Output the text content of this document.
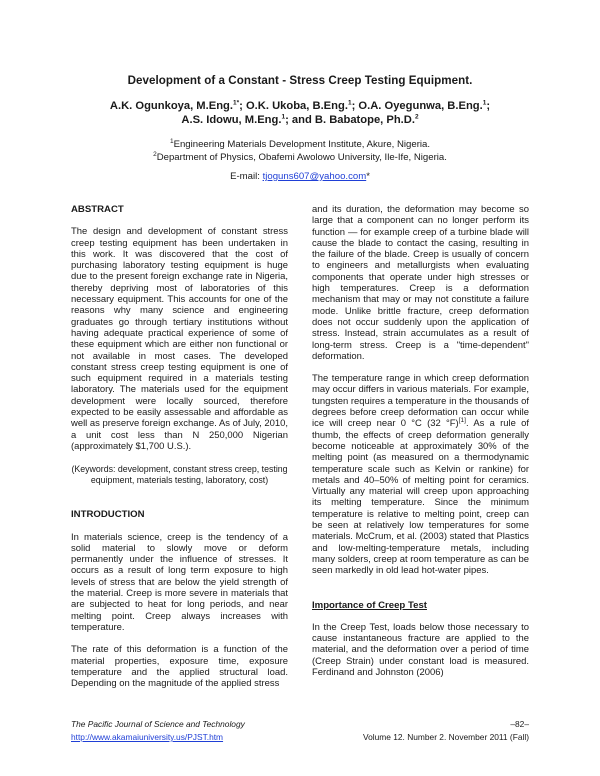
Development of a Constant - Stress Creep Testing Equipment.
A.K. Ogunkoya, M.Eng.$^{1*}$; O.K. Ukoba, B.Eng.$^1$; O.A. Oyegunwa, B.Eng.$^1$;
A.S. Idowu, M.Eng.$^1$; and B. Babatope, Ph.D.$^2$
$^1$Engineering Materials Development Institute, Akure, Nigeria.
$^2$Department of Physics, Obafemi Awolowo University, Ile-Ife, Nigeria.
E-mail: tjoguns607@yahoo.com*

ABSTRACT

The design and development of constant stress creep testing equipment has been undertaken in this work. It was discovered that the cost of purchasing laboratory testing equipment is huge due to the present foreign exchange rate in Nigeria, thereby depriving most of laboratories of this necessary equipment. This accounts for one of the reasons why many science and engineering graduates go through tertiary institutions without having adequate practical experience of some of these equipment which are either non functional or not available in most cases. The developed constant stress creep testing equipment is one of such equipment required in a materials testing laboratory. The materials used for the equipment development were locally sourced, therefore expected to be easily assessable and affordable as well as preserve foreign exchange. As of July, 2010, a unit cost less than N 250,000 Nigerian (approximately $1,700 U.S.).

(Keywords: development, constant stress creep, testing equipment, materials testing, laboratory, cost)

INTRODUCTION

In materials science, creep is the tendency of a solid material to slowly move or deform permanently under the influence of stresses. It occurs as a result of long term exposure to high levels of stress that are below the yield strength of the material. Creep is more severe in materials that are subjected to heat for long periods, and near melting point. Creep always increases with temperature.

The rate of this deformation is a function of the material properties, exposure time, exposure temperature and the applied structural load. Depending on the magnitude of the applied stress

and its duration, the deformation may become so large that a component can no longer perform its function — for example creep of a turbine blade will cause the blade to contact the casing, resulting in the failure of the blade. Creep is usually of concern to engineers and metallurgists when evaluating components that operate under high stresses or high temperatures. Creep is a deformation mechanism that may or may not constitute a failure mode. Unlike brittle fracture, creep deformation does not occur suddenly upon the application of stress. Instead, strain accumulates as a result of long-term stress. Creep is a "time-dependent" deformation.

The temperature range in which creep deformation may occur differs in various materials. For example, tungsten requires a temperature in the thousands of degrees before creep deformation can occur while ice will creep near 0 °C (32 °F)[1]. As a rule of thumb, the effects of creep deformation generally become noticeable at approximately 30% of the melting point (as measured on a thermodynamic temperature scale such as Kelvin or rankine) for metals and 40–50% of melting point for ceramics. Virtually any material will creep upon approaching its melting temperature. Since the minimum temperature is relative to melting point, creep can be seen at relatively low temperatures for some materials. McCrum, et al. (2003) stated that Plastics and low-melting-temperature metals, including many solders, creep at room temperature as can be seen markedly in old lead hot-water pipes.

Importance of Creep Test

In the Creep Test, loads below those necessary to cause instantaneous fracture are applied to the material, and the deformation over a period of time (Creep Strain) under constant load is measured. Ferdinand and Johnston (2006)

The Pacific Journal of Science and Technology
http://www.akamaiuniversity.us/PJST.htm
–82–
Volume 12. Number 2. November 2011 (Fall)
